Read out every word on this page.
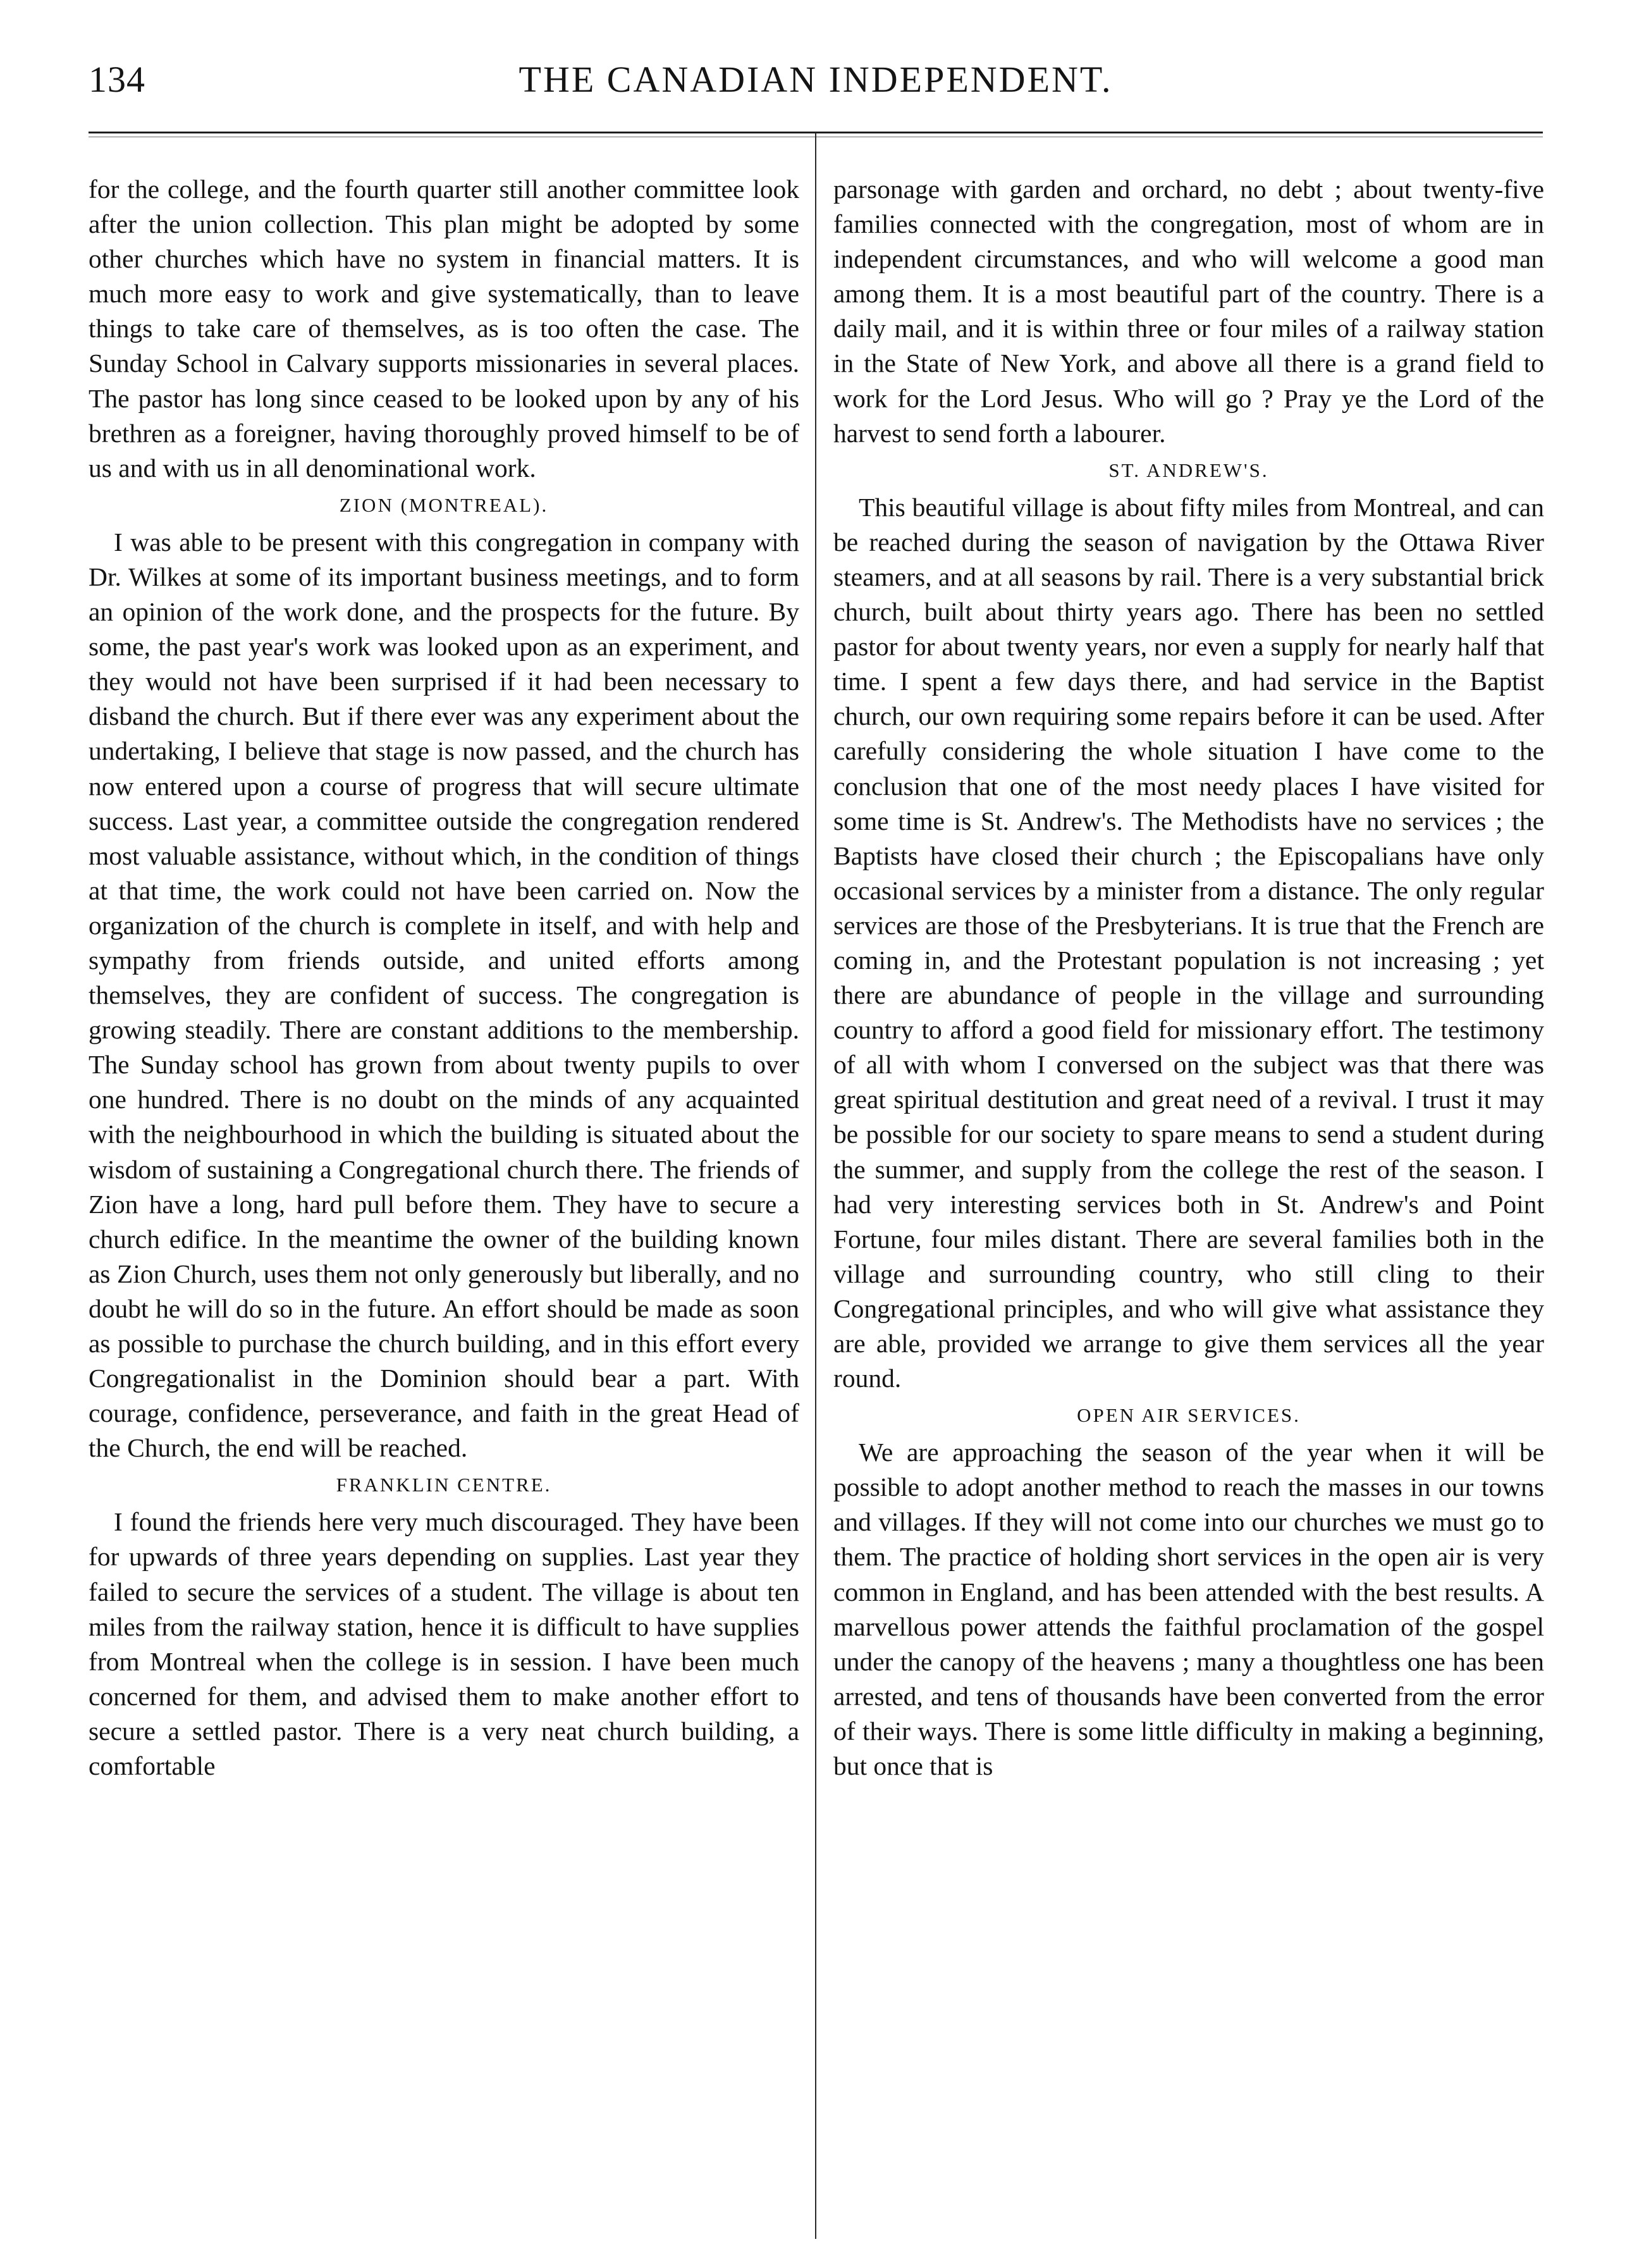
134	THE CANADIAN INDEPENDENT.

for the college, and the fourth quarter still another committee look after the union collection. This plan might be adopted by some other churches which have no system in financial matters. It is much more easy to work and give systematically, than to leave things to take care of themselves, as is too often the case. The Sunday School in Calvary supports missionaries in several places. The pastor has long since ceased to be looked upon by any of his brethren as a foreigner, having thoroughly proved himself to be of us and with us in all denominational work.

ZION (MONTREAL).

I was able to be present with this congregation in company with Dr. Wilkes at some of its important business meetings, and to form an opinion of the work done, and the prospects for the future. By some, the past year's work was looked upon as an experiment, and they would not have been surprised if it had been necessary to disband the church. But if there ever was any experiment about the undertaking, I believe that stage is now passed, and the church has now entered upon a course of progress that will secure ultimate success. Last year, a committee outside the congregation rendered most valuable assistance, without which, in the condition of things at that time, the work could not have been carried on. Now the organization of the church is complete in itself, and with help and sympathy from friends outside, and united efforts among themselves, they are confident of success. The congregation is growing steadily. There are constant additions to the membership. The Sunday school has grown from about twenty pupils to over one hundred. There is no doubt on the minds of any acquainted with the neighbourhood in which the building is situated about the wisdom of sustaining a Congregational church there. The friends of Zion have a long, hard pull before them. They have to secure a church edifice. In the meantime the owner of the building known as Zion Church, uses them not only generously but liberally, and no doubt he will do so in the future. An effort should be made as soon as possible to purchase the church building, and in this effort every Congregationalist in the Dominion should bear a part. With courage, confidence, perseverance, and faith in the great Head of the Church, the end will be reached.

FRANKLIN CENTRE.

I found the friends here very much discouraged. They have been for upwards of three years depending on supplies. Last year they failed to secure the services of a student. The village is about ten miles from the railway station, hence it is difficult to have supplies from Montreal when the college is in session. I have been much concerned for them, and advised them to make another effort to secure a settled pastor. There is a very neat church building, a comfortable

parsonage with garden and orchard, no debt ; about twenty-five families connected with the congregation, most of whom are in independent circumstances, and who will welcome a good man among them. It is a most beautiful part of the country. There is a daily mail, and it is within three or four miles of a railway station in the State of New York, and above all there is a grand field to work for the Lord Jesus. Who will go ? Pray ye the Lord of the harvest to send forth a labourer.

ST. ANDREW'S.

This beautiful village is about fifty miles from Montreal, and can be reached during the season of navigation by the Ottawa River steamers, and at all seasons by rail. There is a very substantial brick church, built about thirty years ago. There has been no settled pastor for about twenty years, nor even a supply for nearly half that time. I spent a few days there, and had service in the Baptist church, our own requiring some repairs before it can be used. After carefully considering the whole situation I have come to the conclusion that one of the most needy places I have visited for some time is St. Andrew's. The Methodists have no services ; the Baptists have closed their church ; the Episcopalians have only occasional services by a minister from a distance. The only regular services are those of the Presbyterians. It is true that the French are coming in, and the Protestant population is not increasing ; yet there are abundance of people in the village and surrounding country to afford a good field for missionary effort. The testimony of all with whom I conversed on the subject was that there was great spiritual destitution and great need of a revival. I trust it may be possible for our society to spare means to send a student during the summer, and supply from the college the rest of the season. I had very interesting services both in St. Andrew's and Point Fortune, four miles distant. There are several families both in the village and surrounding country, who still cling to their Congregational principles, and who will give what assistance they are able, provided we arrange to give them services all the year round.

OPEN AIR SERVICES.

We are approaching the season of the year when it will be possible to adopt another method to reach the masses in our towns and villages. If they will not come into our churches we must go to them. The practice of holding short services in the open air is very common in England, and has been attended with the best results. A marvellous power attends the faithful proclamation of the gospel under the canopy of the heavens ; many a thoughtless one has been arrested, and tens of thousands have been converted from the error of their ways. There is some little difficulty in making a beginning, but once that is
